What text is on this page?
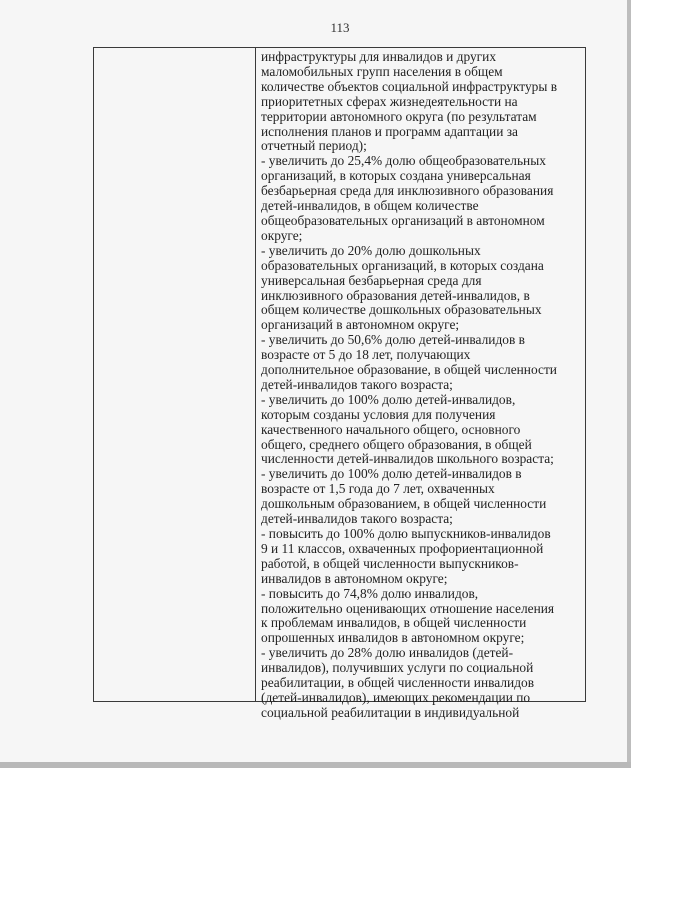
113
инфраструктуры для инвалидов и других
маломобильных групп населения в общем
количестве объектов социальной инфраструктуры в
приоритетных сферах жизнедеятельности на
территории автономного округа (по результатам
исполнения планов и программ адаптации за
отчетный период);
- увеличить до 25,4% долю общеобразовательных
организаций, в которых создана универсальная
безбарьерная среда для инклюзивного образования
детей-инвалидов, в общем количестве
общеобразовательных организаций в автономном
округе;
- увеличить до 20% долю дошкольных
образовательных организаций, в которых создана
универсальная безбарьерная среда для
инклюзивного образования детей-инвалидов, в
общем количестве дошкольных образовательных
организаций в автономном округе;
- увеличить до 50,6% долю детей-инвалидов в
возрасте от 5 до 18 лет, получающих
дополнительное образование, в общей численности
детей-инвалидов такого возраста;
- увеличить до 100% долю детей-инвалидов,
которым созданы условия для получения
качественного начального общего, основного
общего, среднего общего образования, в общей
численности детей-инвалидов школьного возраста;
- увеличить до 100% долю детей-инвалидов в
возрасте от 1,5 года до 7 лет, охваченных
дошкольным образованием, в общей численности
детей-инвалидов такого возраста;
- повысить до 100% долю выпускников-инвалидов
9 и 11 классов, охваченных профориентационной
работой, в общей численности выпускников-
инвалидов в автономном округе;
- повысить до 74,8% долю инвалидов,
положительно оценивающих отношение населения
к проблемам инвалидов, в общей численности
опрошенных инвалидов в автономном округе;
- увеличить до 28% долю инвалидов (детей-
инвалидов), получивших услуги по социальной
реабилитации, в общей численности инвалидов
(детей-инвалидов), имеющих рекомендации по
социальной реабилитации в индивидуальной
